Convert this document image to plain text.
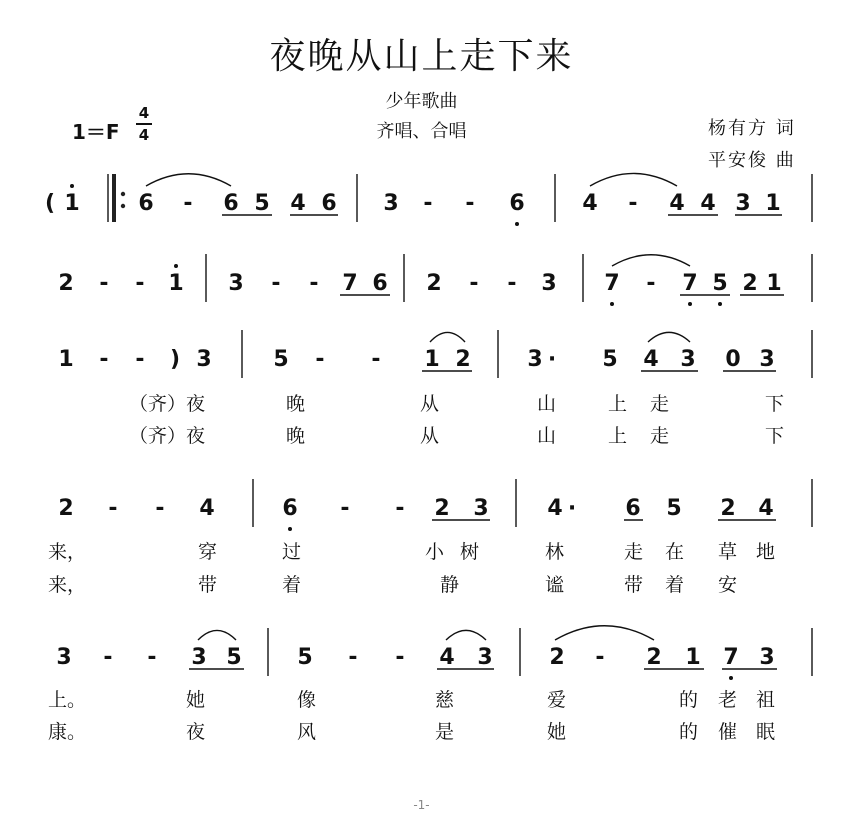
夜晚从山上走下来
少年歌曲
齐唱、合唱	杨有方 词
平安俊 曲
1＝F
4
4
( 1	6 - 6 5 4 6 3 - - 6	4 - 4 4 3 1
2 - - 1 3 - - 7 6 2 - - 3 7 - 7 5 2 1
1 - - ) 3	5 - - 1 2	3 · 5 4 3 0 3
2 - - 4	6 - - 2 3	4 · 6 5 2 4
3 - - 3 5	5 - - 4 3	2 - 2 1 7 3
（齐）夜	晚	从	山	上 走	下
（齐）夜	晚	从	山	上 走	下
来，	穿	过	小 树	林	走 在 草 地
来，	带	着	静	谧	带 着 安
上。	她	像	慈	爱	的 老 祖
康。	夜	风	是	她	的 催 眠
-1-
